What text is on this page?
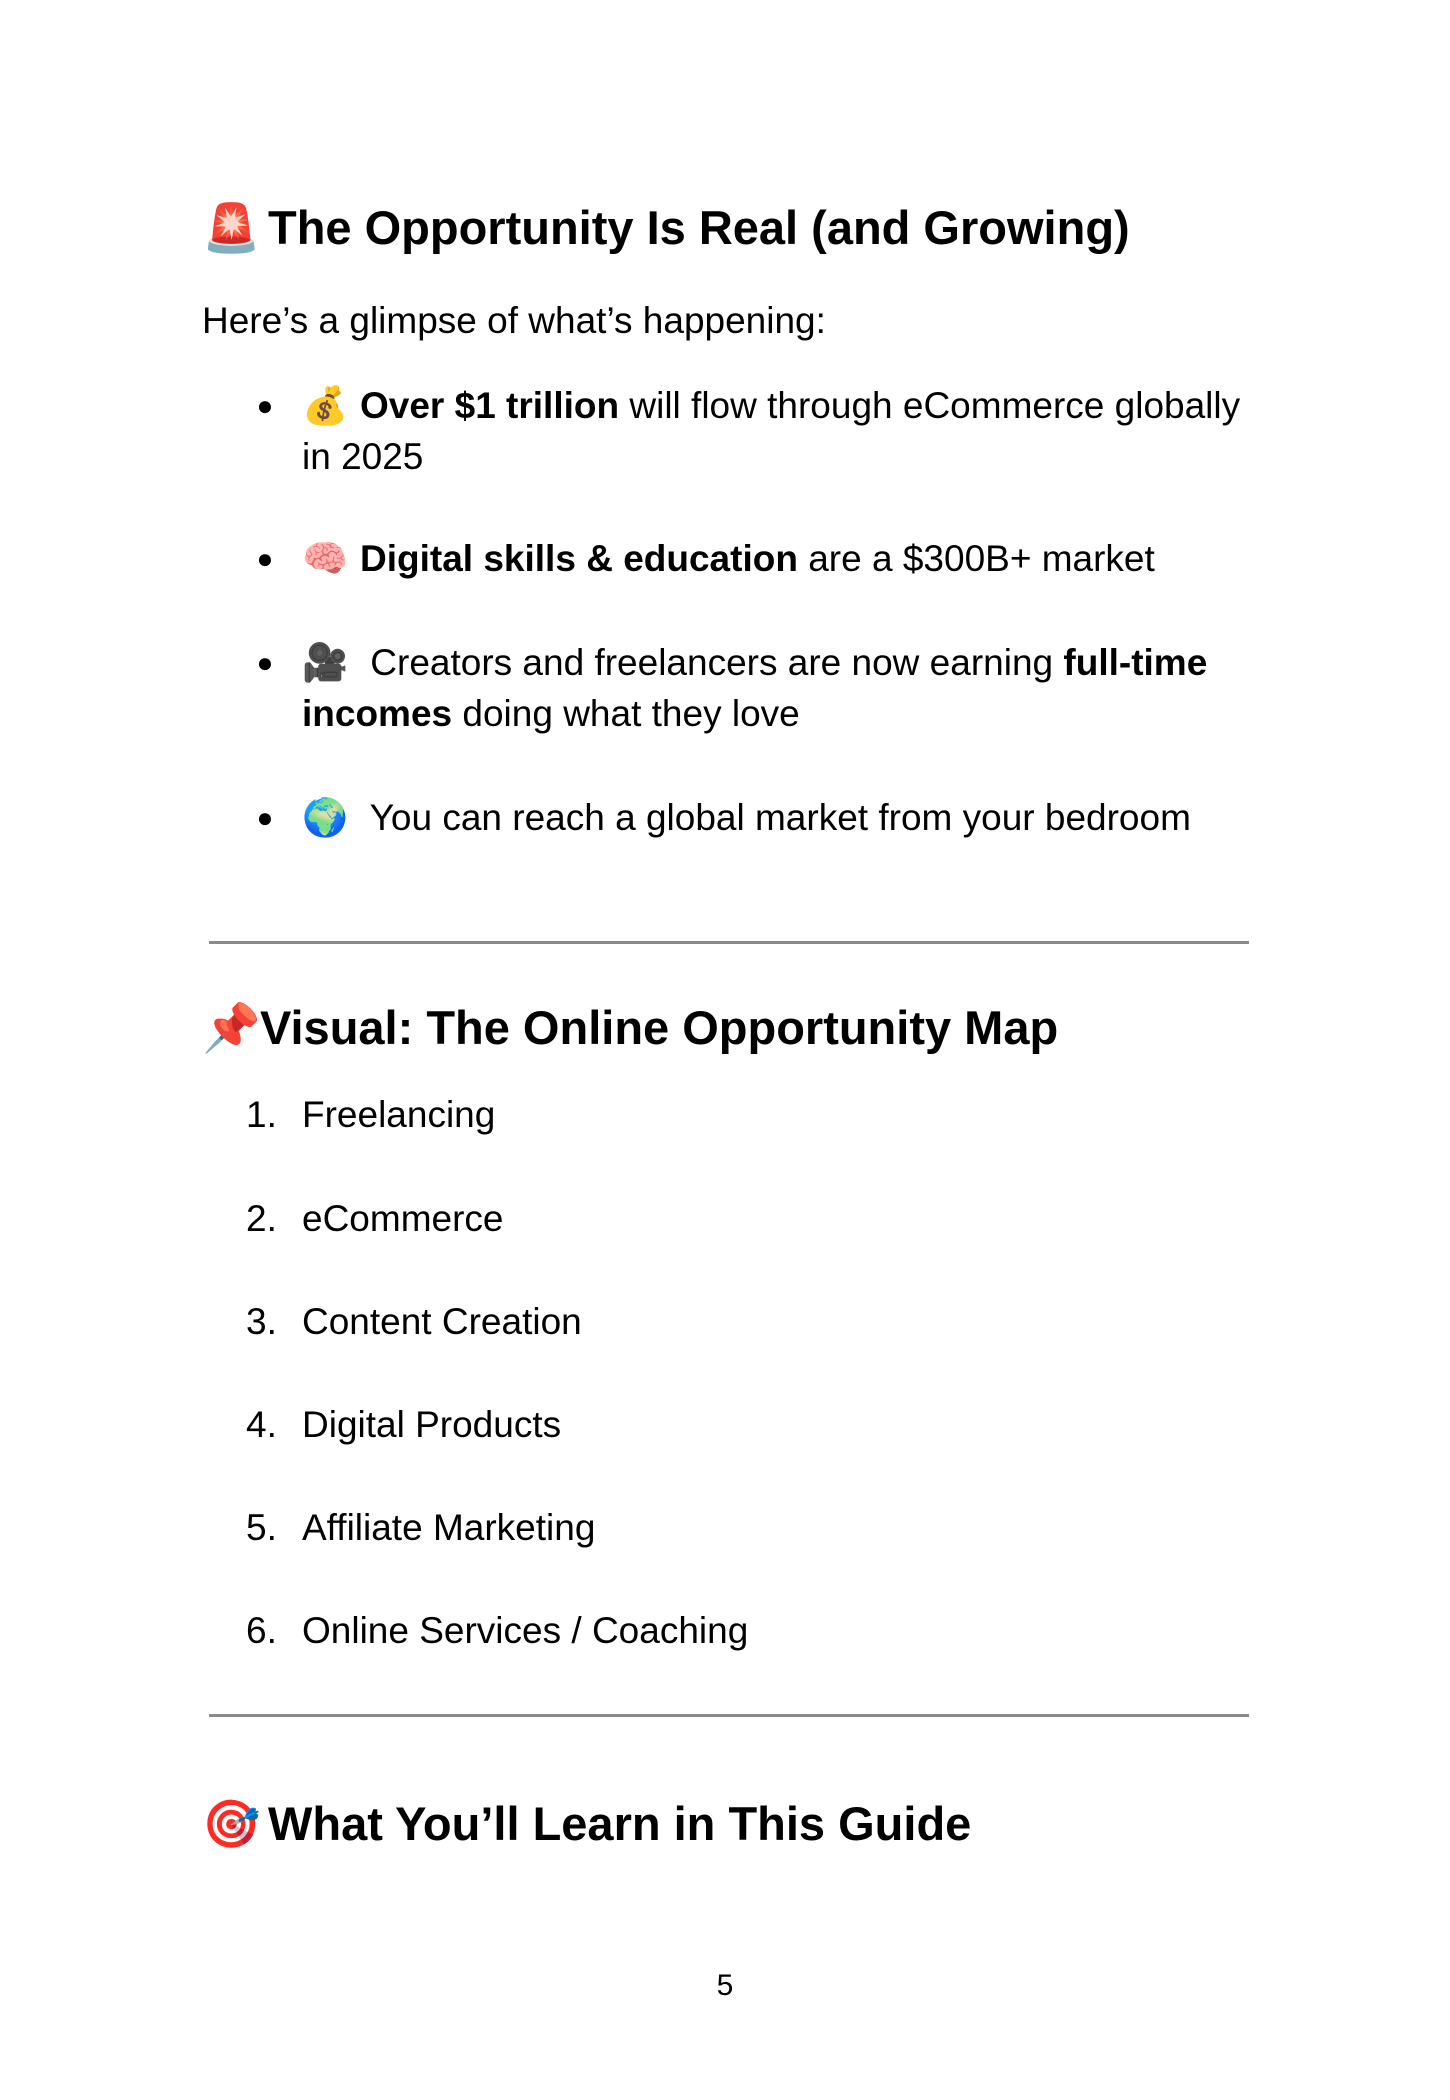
🚨 The Opportunity Is Real (and Growing)

Here’s a glimpse of what’s happening:

● 💰 Over $1 trillion will flow through eCommerce globally in 2025
● 🧠 Digital skills & education are a $300B+ market
● 🎥 Creators and freelancers are now earning full-time incomes doing what they love
● 🌍 You can reach a global market from your bedroom
📌Visual: The Online Opportunity Map
1. Freelancing
2. eCommerce
3. Content Creation
4. Digital Products
5. Affiliate Marketing
6. Online Services / Coaching
🎯 What You’ll Learn in This Guide
5
